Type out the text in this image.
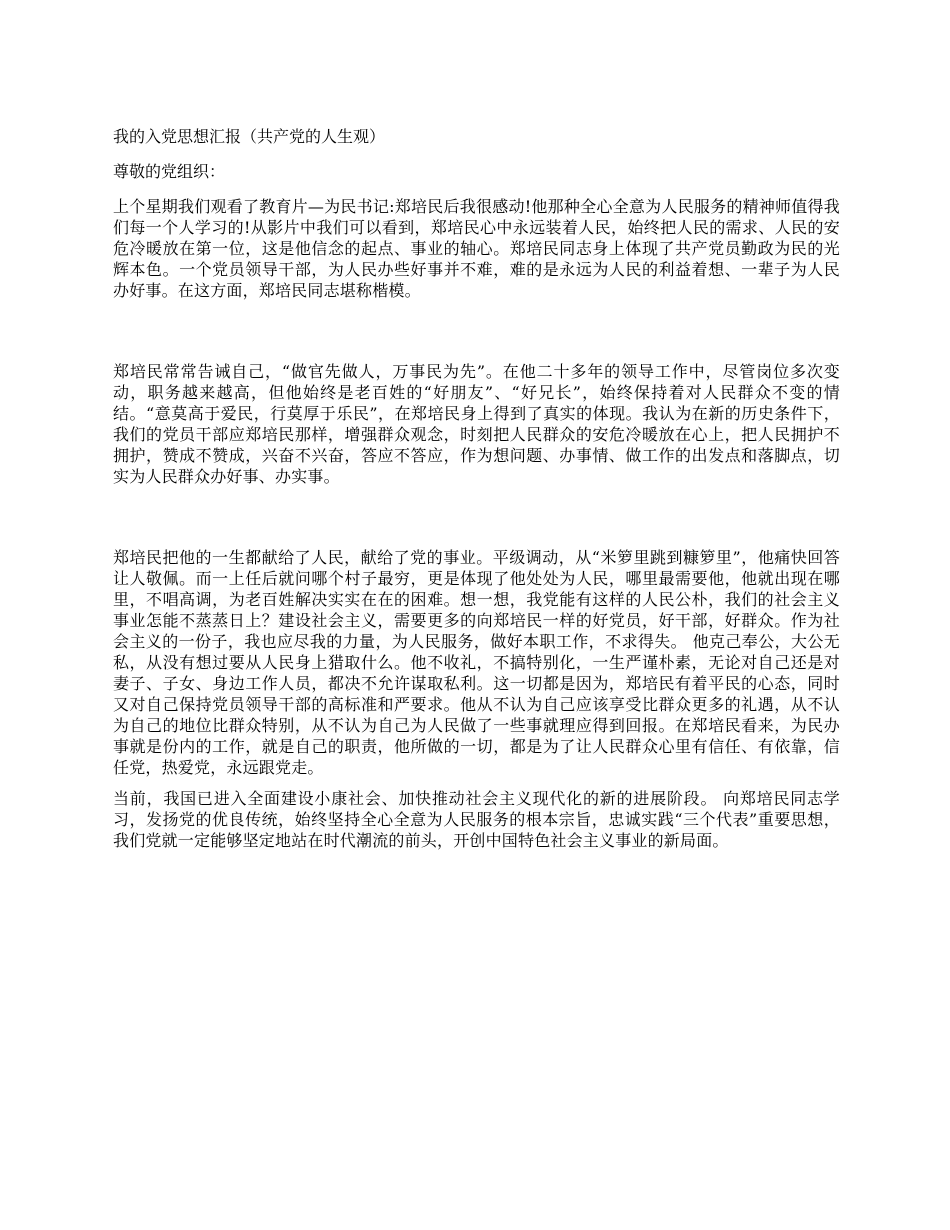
我的入党思想汇报（共产党的人生观）
尊敬的党组织：

上个星期我们观看了教育片—为民书记:郑培民后我很感动!他那种全心全意为人民服务的精神师值得我们每一个人学习的!从影片中我们可以看到，郑培民心中永远装着人民，始终把人民的需求、人民的安危冷暖放在第一位，这是他信念的起点、事业的轴心。郑培民同志身上体现了共产党员勤政为民的光辉本色。一个党员领导干部，为人民办些好事并不难，难的是永远为人民的利益着想、一辈子为人民办好事。在这方面，郑培民同志堪称楷模。

郑培民常常告诫自己，“做官先做人，万事民为先”。在他二十多年的领导工作中，尽管岗位多次变动，职务越来越高，但他始终是老百姓的“好朋友”、“好兄长”，始终保持着对人民群众不变的情结。“意莫高于爱民，行莫厚于乐民”，在郑培民身上得到了真实的体现。我认为在新的历史条件下，我们的党员干部应郑培民那样，增强群众观念，时刻把人民群众的安危冷暖放在心上，把人民拥护不拥护，赞成不赞成，兴奋不兴奋，答应不答应，作为想问题、办事情、做工作的出发点和落脚点，切实为人民群众办好事、办实事。

郑培民把他的一生都献给了人民，献给了党的事业。平级调动，从“米箩里跳到糠箩里”，他痛快回答让人敬佩。而一上任后就问哪个村子最穷，更是体现了他处处为人民，哪里最需要他，他就出现在哪里，不唱高调，为老百姓解决实实在在的困难。想一想，我党能有这样的人民公朴，我们的社会主义事业怎能不蒸蒸日上？建设社会主义，需要更多的向郑培民一样的好党员，好干部，好群众。作为社会主义的一份子，我也应尽我的力量，为人民服务，做好本职工作，不求得失。 他克己奉公，大公无私，从没有想过要从人民身上猎取什么。他不收礼，不搞特别化，一生严谨朴素，无论对自己还是对妻子、子女、身边工作人员，都决不允许谋取私利。这一切都是因为，郑培民有着平民的心态，同时又对自己保持党员领导干部的高标准和严要求。他从不认为自己应该享受比群众更多的礼遇，从不认为自己的地位比群众特别，从不认为自己为人民做了一些事就理应得到回报。在郑培民看来，为民办事就是份内的工作，就是自己的职责，他所做的一切，都是为了让人民群众心里有信任、有依靠，信任党，热爱党，永远跟党走。

当前，我国已进入全面建设小康社会、加快推动社会主义现代化的新的进展阶段。 向郑培民同志学习，发扬党的优良传统，始终坚持全心全意为人民服务的根本宗旨，忠诚实践“三个代表”重要思想，我们党就一定能够坚定地站在时代潮流的前头，开创中国特色社会主义事业的新局面。
